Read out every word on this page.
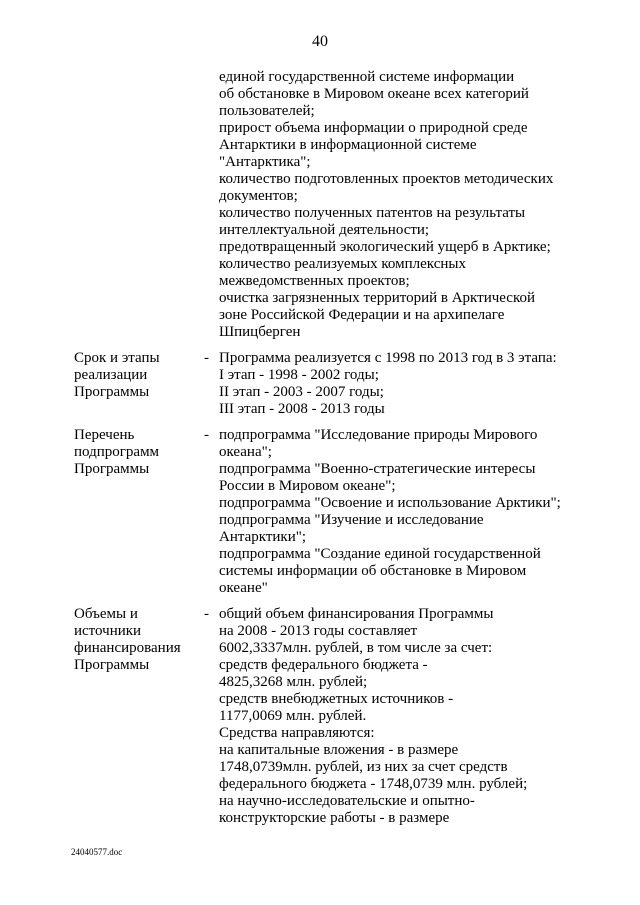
40
единой государственной системе информации
об обстановке в Мировом океане всех категорий
пользователей;
прирост объема информации о природной среде
Антарктики в информационной системе
"Антарктика";
количество подготовленных проектов методических
документов;
количество полученных патентов на результаты
интеллектуальной деятельности;
предотвращенный экологический ущерб в Арктике;
количество реализуемых комплексных
межведомственных проектов;
очистка загрязненных территорий в Арктической
зоне Российской Федерации и на архипелаге
Шпицберген
Срок и этапы
реализации
Программы
- Программа реализуется с 1998 по 2013 год в 3 этапа:
I этап - 1998 - 2002 годы;
II этап - 2003 - 2007 годы;
III этап - 2008 - 2013 годы
Перечень
подпрограмм
Программы
- подпрограмма "Исследование природы Мирового
океана";
подпрограмма "Военно-стратегические интересы
России в Мировом океане";
подпрограмма "Освоение и использование Арктики";
подпрограмма "Изучение и исследование
Антарктики";
подпрограмма "Создание единой государственной
системы информации об обстановке в Мировом
океане"
Объемы и
источники
финансирования
Программы
- общий объем финансирования Программы
на 2008 - 2013 годы составляет
6002,3337млн. рублей, в том числе за счет:
средств федерального бюджета -
4825,3268 млн. рублей;
средств внебюджетных источников -
1177,0069 млн. рублей.
Средства направляются:
на капитальные вложения - в размере
1748,0739млн. рублей, из них за счет средств
федерального бюджета - 1748,0739 млн. рублей;
на научно-исследовательские и опытно-
конструкторские работы - в размере
24040577.doc
